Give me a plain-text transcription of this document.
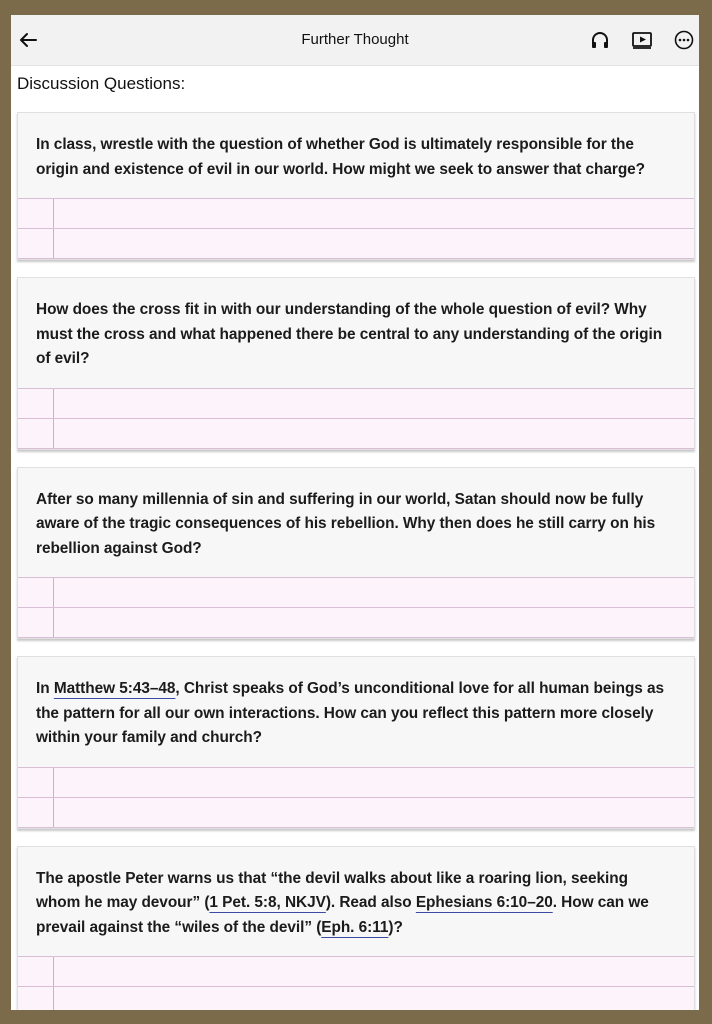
Further Thought
Discussion Questions:
In class, wrestle with the question of whether God is ultimately responsible for the origin and existence of evil in our world. How might we seek to answer that charge?
How does the cross fit in with our understanding of the whole question of evil? Why must the cross and what happened there be central to any understanding of the origin of evil?
After so many millennia of sin and suffering in our world, Satan should now be fully aware of the tragic consequences of his rebellion. Why then does he still carry on his rebellion against God?
In Matthew 5:43–48, Christ speaks of God’s unconditional love for all human beings as the pattern for all our own interactions. How can you reflect this pattern more closely within your family and church?
The apostle Peter warns us that “the devil walks about like a roaring lion, seeking whom he may devour” (1 Pet. 5:8, NKJV). Read also Ephesians 6:10–20. How can we prevail against the “wiles of the devil” (Eph. 6:11)?
